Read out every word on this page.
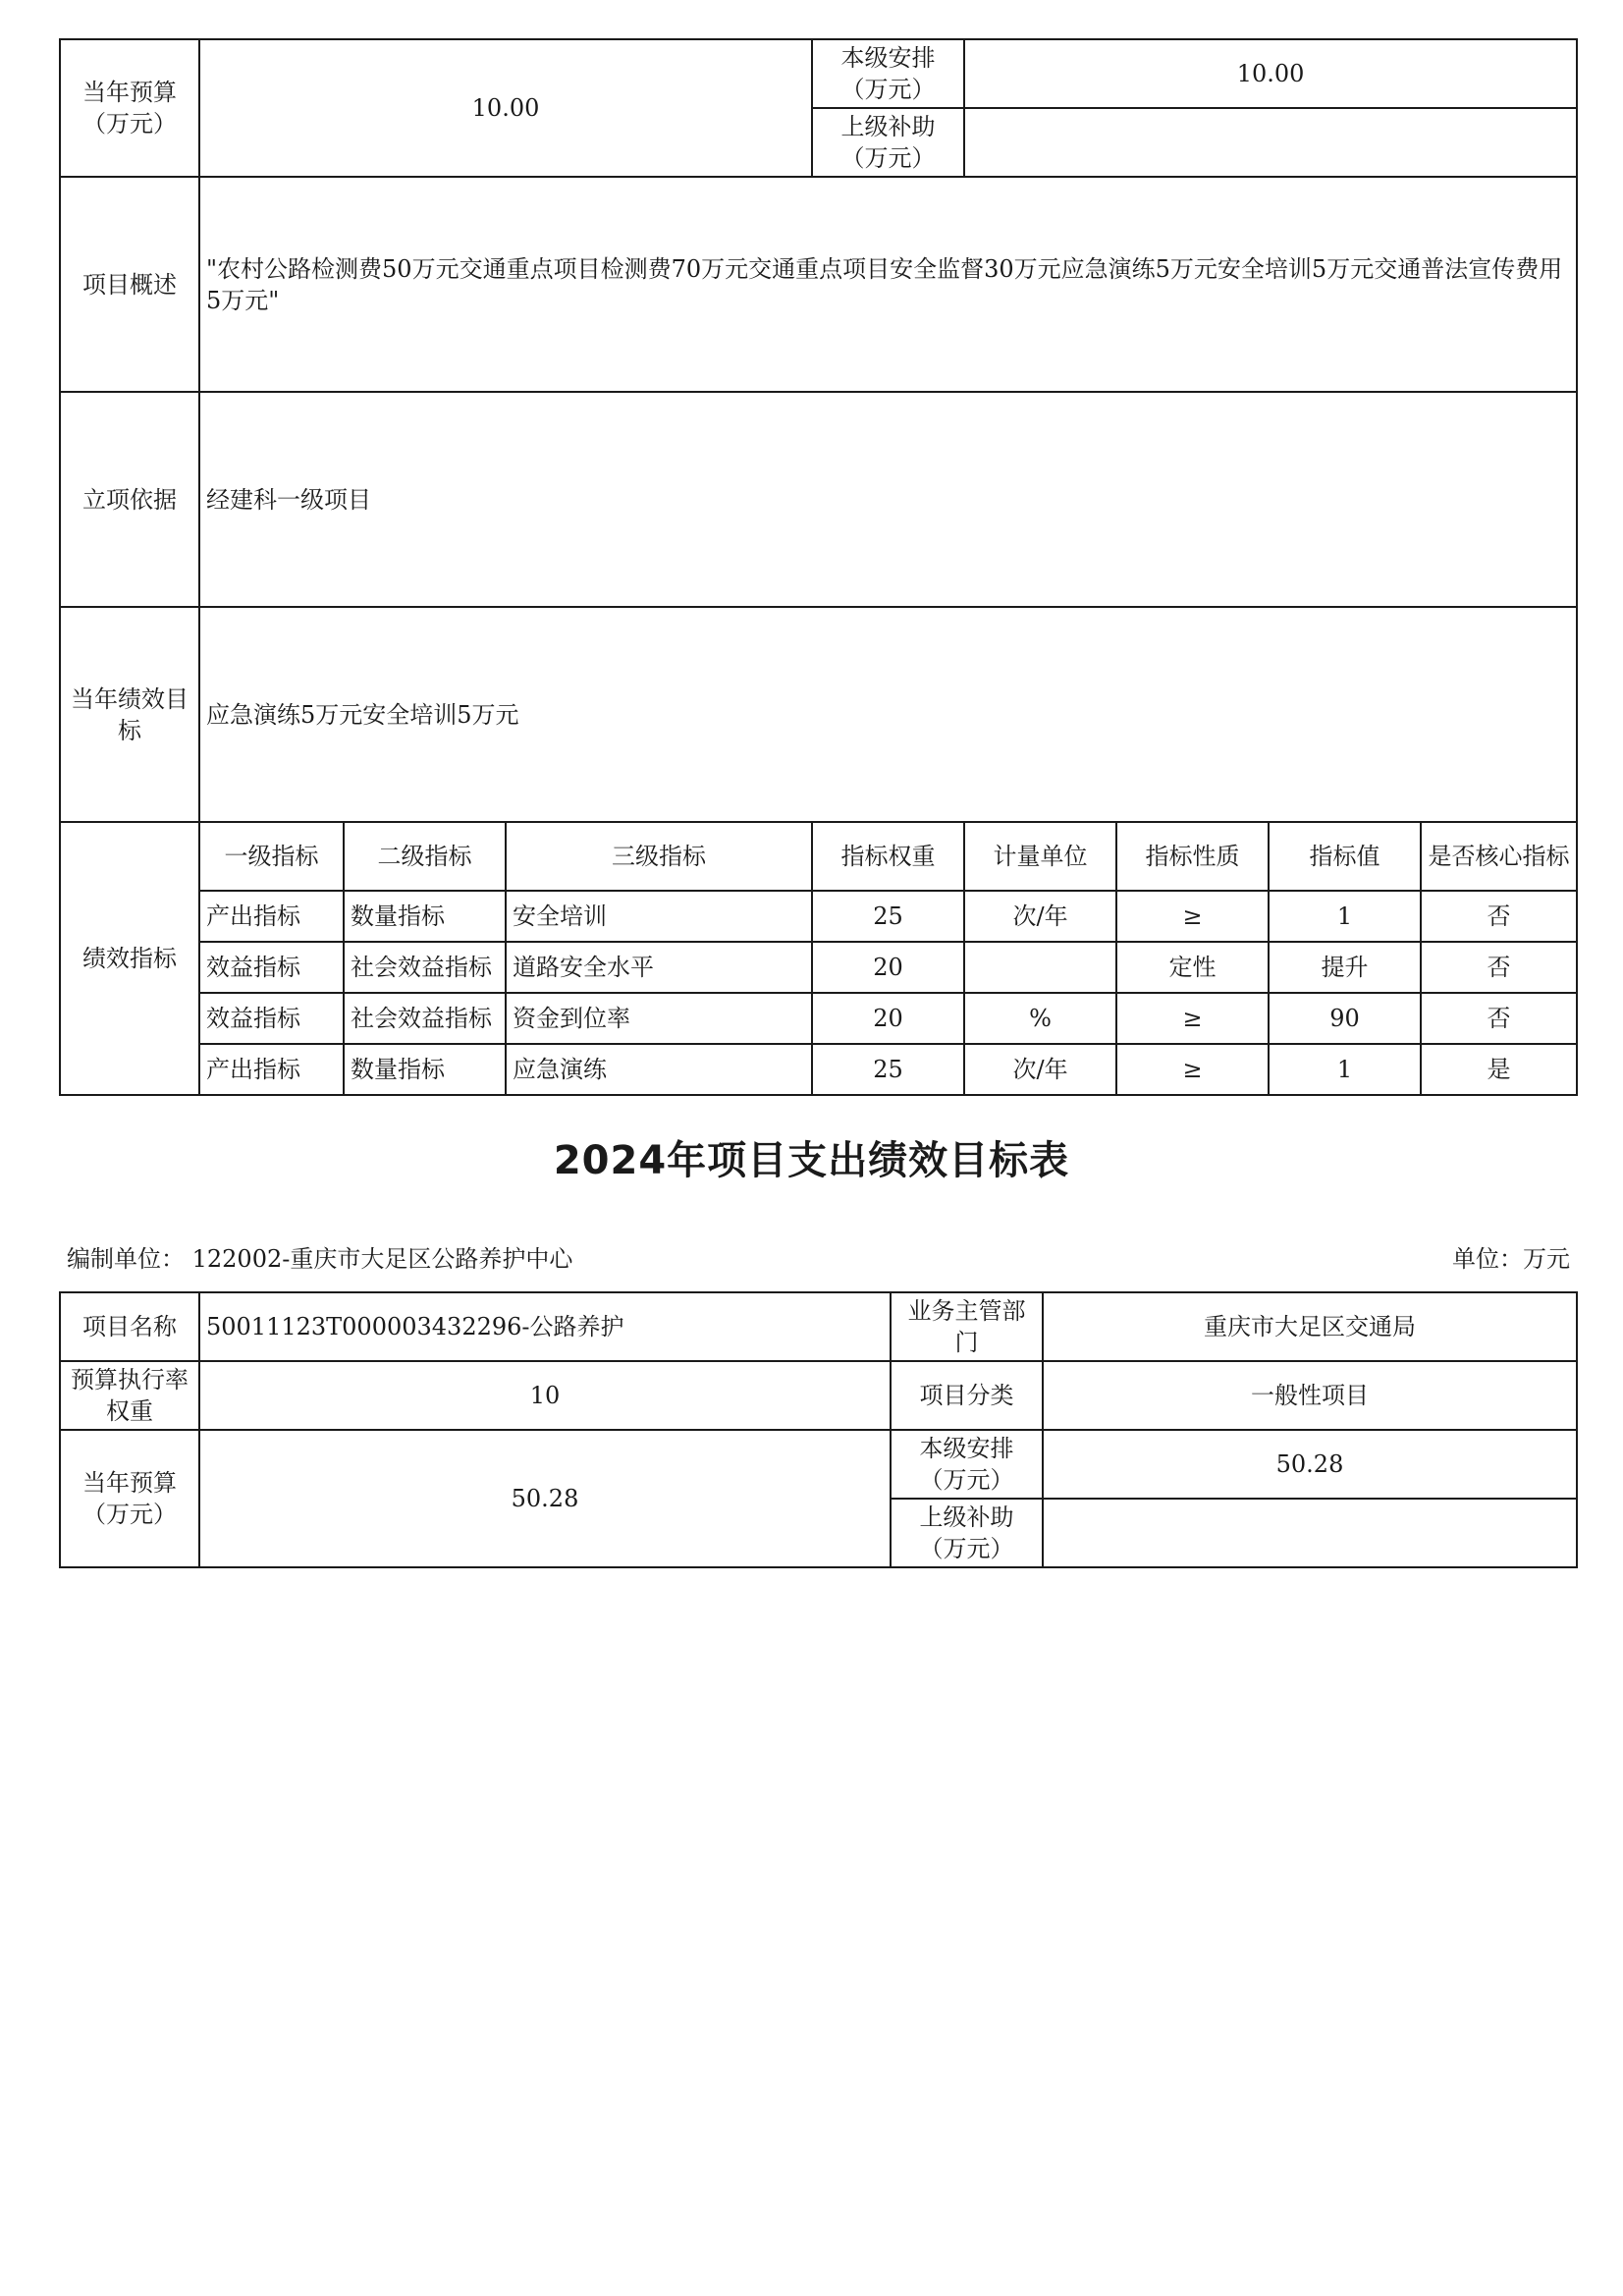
当年预算（万元）	10.00			本级安排（万元）	10.00			
				上级补助（万元）				
项目概述	"农村公路检测费50万元交通重点项目检测费70万元交通重点项目安全监督30万元应急演练5万元安全培训5万元交通普法宣传费用5万元"							
立项依据	经建科一级项目							
当年绩效目标	应急演练5万元安全培训5万元							
绩效指标	一级指标	二级指标	三级指标	指标权重	计量单位	指标性质	指标值	是否核心指标
	产出指标	数量指标	安全培训	25	次/年	≥	1	否
	效益指标	社会效益指标	道路安全水平	20		定性	提升	否
	效益指标	社会效益指标	资金到位率	20	%	≥	90	否
	产出指标	数量指标	应急演练	25	次/年	≥	1	是
2024年项目支出绩效目标表
编制单位： 122002-重庆市大足区公路养护中心	单位：万元
项目名称	50011123T000003432296-公路养护	业务主管部门	重庆市大足区交通局
预算执行率权重	10	项目分类	一般性项目
当年预算（万元）	50.28	本级安排（万元）	50.28
		上级补助（万元）	
